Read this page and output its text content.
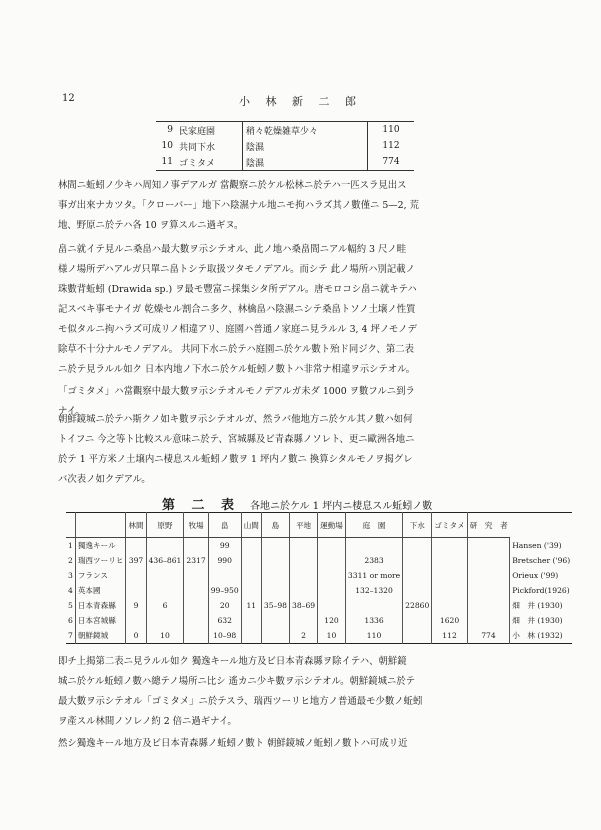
12	小 林 新 二 郎
9	民家庭園	稍々乾燥雑草少々	110
10	共同下水	陰濕	112
11	ゴミタメ	陰濕	774
林間ニ蚯蚓ノ少キハ周知ノ事デアルガ 當觀察ニ於ケル松林ニ於テハ一匹スラ見出ス
事ガ出來ナカツタ。「クローバー」地下ハ陰濕ナル地ニモ拘ハラズ其ノ數僅ニ 5—2, 荒
地、野原ニ於テハ各 10 ヲ算スルニ過ギヌ。
畠ニ就イテ見ルニ桑畠ハ最大數ヲ示シテオル、此ノ地ハ桑畠間ニアル幅約 3 尺ノ畦
様ノ場所デハアルガ只單ニ畠トシテ取扱ツタモノデアル。而シテ 此ノ場所ハ別記載ノ
珠數背蚯蚓 (Drawida sp.) ヲ最モ豐富ニ採集シタ所デアル。唐モロコシ畠ニ就キテハ
記スベキ事モナイガ 乾燥セル割合ニ多ク、林檎畠ハ陰濕ニシテ桑畠トソノ土壌ノ性質
モ似タルニ拘ハラズ可成リノ相違アリ、庭園ハ普通ノ家庭ニ見ラルル 3, 4 坪ノモノデ
除草不十分ナルモノデアル。 共同下水ニ於テハ庭園ニ於ケル數ト殆ド同ジク、第二表
ニ於テ見ラルル如ク 日本内地ノ下水ニ於ケル蚯蚓ノ數トハ非常ナ相違ヲ示シテオル。
「ゴミタメ」ハ當觀察中最大數ヲ示シテオルモノデアルガ未ダ 1000 ヲ數フルニ到ラ
ナイ。
朝鮮鏡城ニ於テハ斯クノ如キ數ヲ示シテオルガ、然ラバ他地方ニ於ケル其ノ數ハ如何
トイフニ 今之等ト比較スル意味ニ於テ、宮城縣及ビ青森縣ノソレト、更ニ歐洲各地ニ
於テ 1 平方米ノ土壌内ニ棲息スル蚯蚓ノ數ヲ 1 坪内ノ數ニ 換算シタルモノヲ揭グレ
バ次表ノ如クデアル。
第 二 表 各地ニ於ケル 1 坪内ニ棲息スル蚯蚓ノ數
		林間	原野	牧場	畠	山間	島	平地	運動場	庭　園	下水	ゴミタメ	研　究　者	
1	獨逸キール				99									Hansen ('39)
2	瑞西ツーリヒ	397	436–861	2317	990					2383				Bretscher ('96)
3	フランス									3311 or more				Orieux ('99)
4	英本國				99–950					132–1320				Pickford(1926)
5	日本青森縣	9	6		20	11	35–98	38–69			22860			畑　井 (1930)
6	日本宮城縣				632				120	1336		1620		畑　井 (1930)
7	朝鮮鏡城	0	10		10–98			2	10	110		112	774	小　林 (1932)
即チ上揭第二表ニ見ラルル如ク 獨逸キール地方及ビ日本青森縣ヲ除イテハ、朝鮮鏡
城ニ於ケル蚯蚓ノ數ハ總テノ場所ニ比シ 遙カニ少キ數ヲ示シテオル。朝鮮鏡城ニ於テ
最大數ヲ示シテオル「ゴミタメ」ニ於テスラ、瑞西ツーリヒ地方ノ普通最モ少數ノ蚯蚓
ヲ產スル林間ノソレノ約 2 倍ニ過ギナイ。
然シ獨逸キール地方及ビ日本青森縣ノ蚯蚓ノ數ト 朝鮮鏡城ノ蚯蚓ノ數トハ可成リ近
